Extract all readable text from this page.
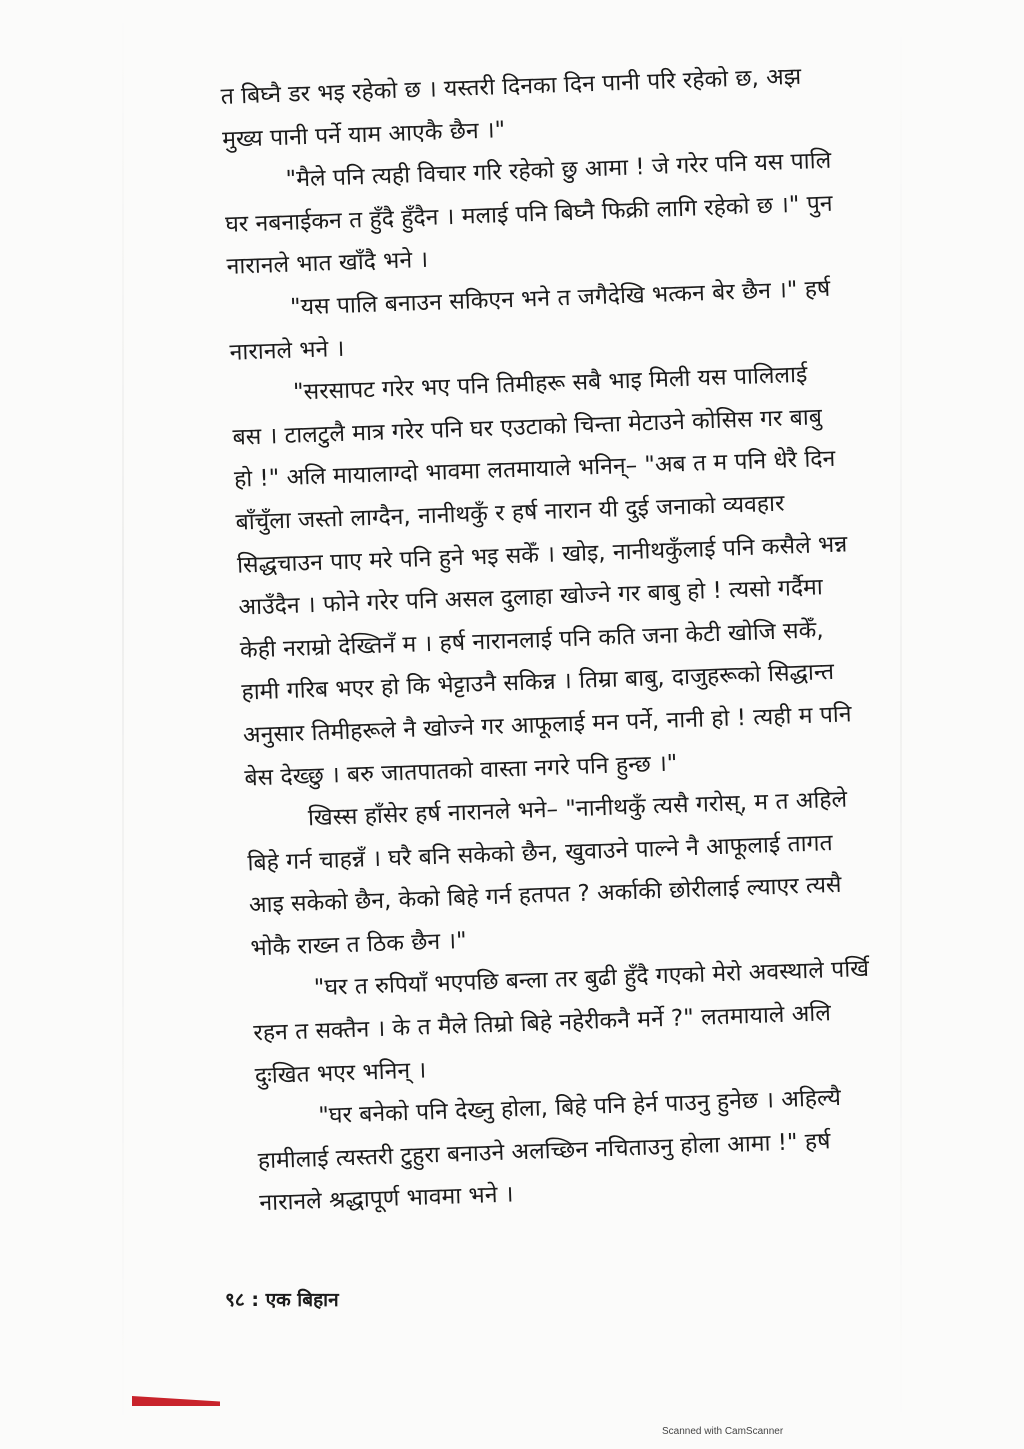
त बिघ्नै डर भइ रहेको छ । यस्तरी दिनका दिन पानी परि रहेको छ, अझ
मुख्य पानी पर्ने याम आएकै छैन ।"
"मैले पनि त्यही विचार गरि रहेको छु आमा ! जे गरेर पनि यस पालि
घर नबनाईकन त हुँदै हुँदैन । मलाई पनि बिघ्नै फिक्री लागि रहेको छ ।" पुन
नारानले भात खाँदै भने ।
"यस पालि बनाउन सकिएन भने त जगैदेखि भत्कन बेर छैन ।" हर्ष
नारानले भने ।
"सरसापट गरेर भए पनि तिमीहरू सबै भाइ मिली यस पालिलाई
बस । टालटुलै मात्र गरेर पनि घर एउटाको चिन्ता मेटाउने कोसिस गर बाबु
हो !" अलि मायालाग्दो भावमा लतमायाले भनिन्– "अब त म पनि धेरै दिन
बाँचुँला जस्तो लाग्दैन, नानीथकुँ र हर्ष नारान यी दुई जनाको व्यवहार
सिद्धचाउन पाए मरे पनि हुने भइ सकेँ । खोइ, नानीथकुँलाई पनि कसैले भन्न
आउँदैन । फोने गरेर पनि असल दुलाहा खोज्ने गर बाबु हो ! त्यसो गर्दैमा
केही नराम्रो देख्तिनँ म । हर्ष नारानलाई पनि कति जना केटी खोजि सकेँ,
हामी गरिब भएर हो कि भेट्टाउनै सकिन्न । तिम्रा बाबु, दाजुहरूको सिद्धान्त
अनुसार तिमीहरूले नै खोज्ने गर आफूलाई मन पर्ने, नानी हो ! त्यही म पनि
बेस देख्छु । बरु जातपातको वास्ता नगरे पनि हुन्छ ।"
खिस्स हाँसेर हर्ष नारानले भने– "नानीथकुँ त्यसै गरोस्, म त अहिले
बिहे गर्न चाहन्नँ । घरै बनि सकेको छैन, खुवाउने पाल्ने नै आफूलाई तागत
आइ सकेको छैन, केको बिहे गर्न हतपत ? अर्काकी छोरीलाई ल्याएर त्यसै
भोकै राख्न त ठिक छैन ।"
"घर त रुपियाँ भएपछि बन्ला तर बुढी हुँदै गएको मेरो अवस्थाले पर्खि
रहन त सक्तैन । के त मैले तिम्रो बिहे नहेरीकनै मर्ने ?" लतमायाले अलि
दुःखित भएर भनिन् ।
"घर बनेको पनि देख्नु होला, बिहे पनि हेर्न पाउनु हुनेछ । अहिल्यै
हामीलाई त्यस्तरी टुहुरा बनाउने अलच्छिन नचिताउनु होला आमा !" हर्ष
नारानले श्रद्धापूर्ण भावमा भने ।
९८ : एक बिहान
Scanned with CamScanner
